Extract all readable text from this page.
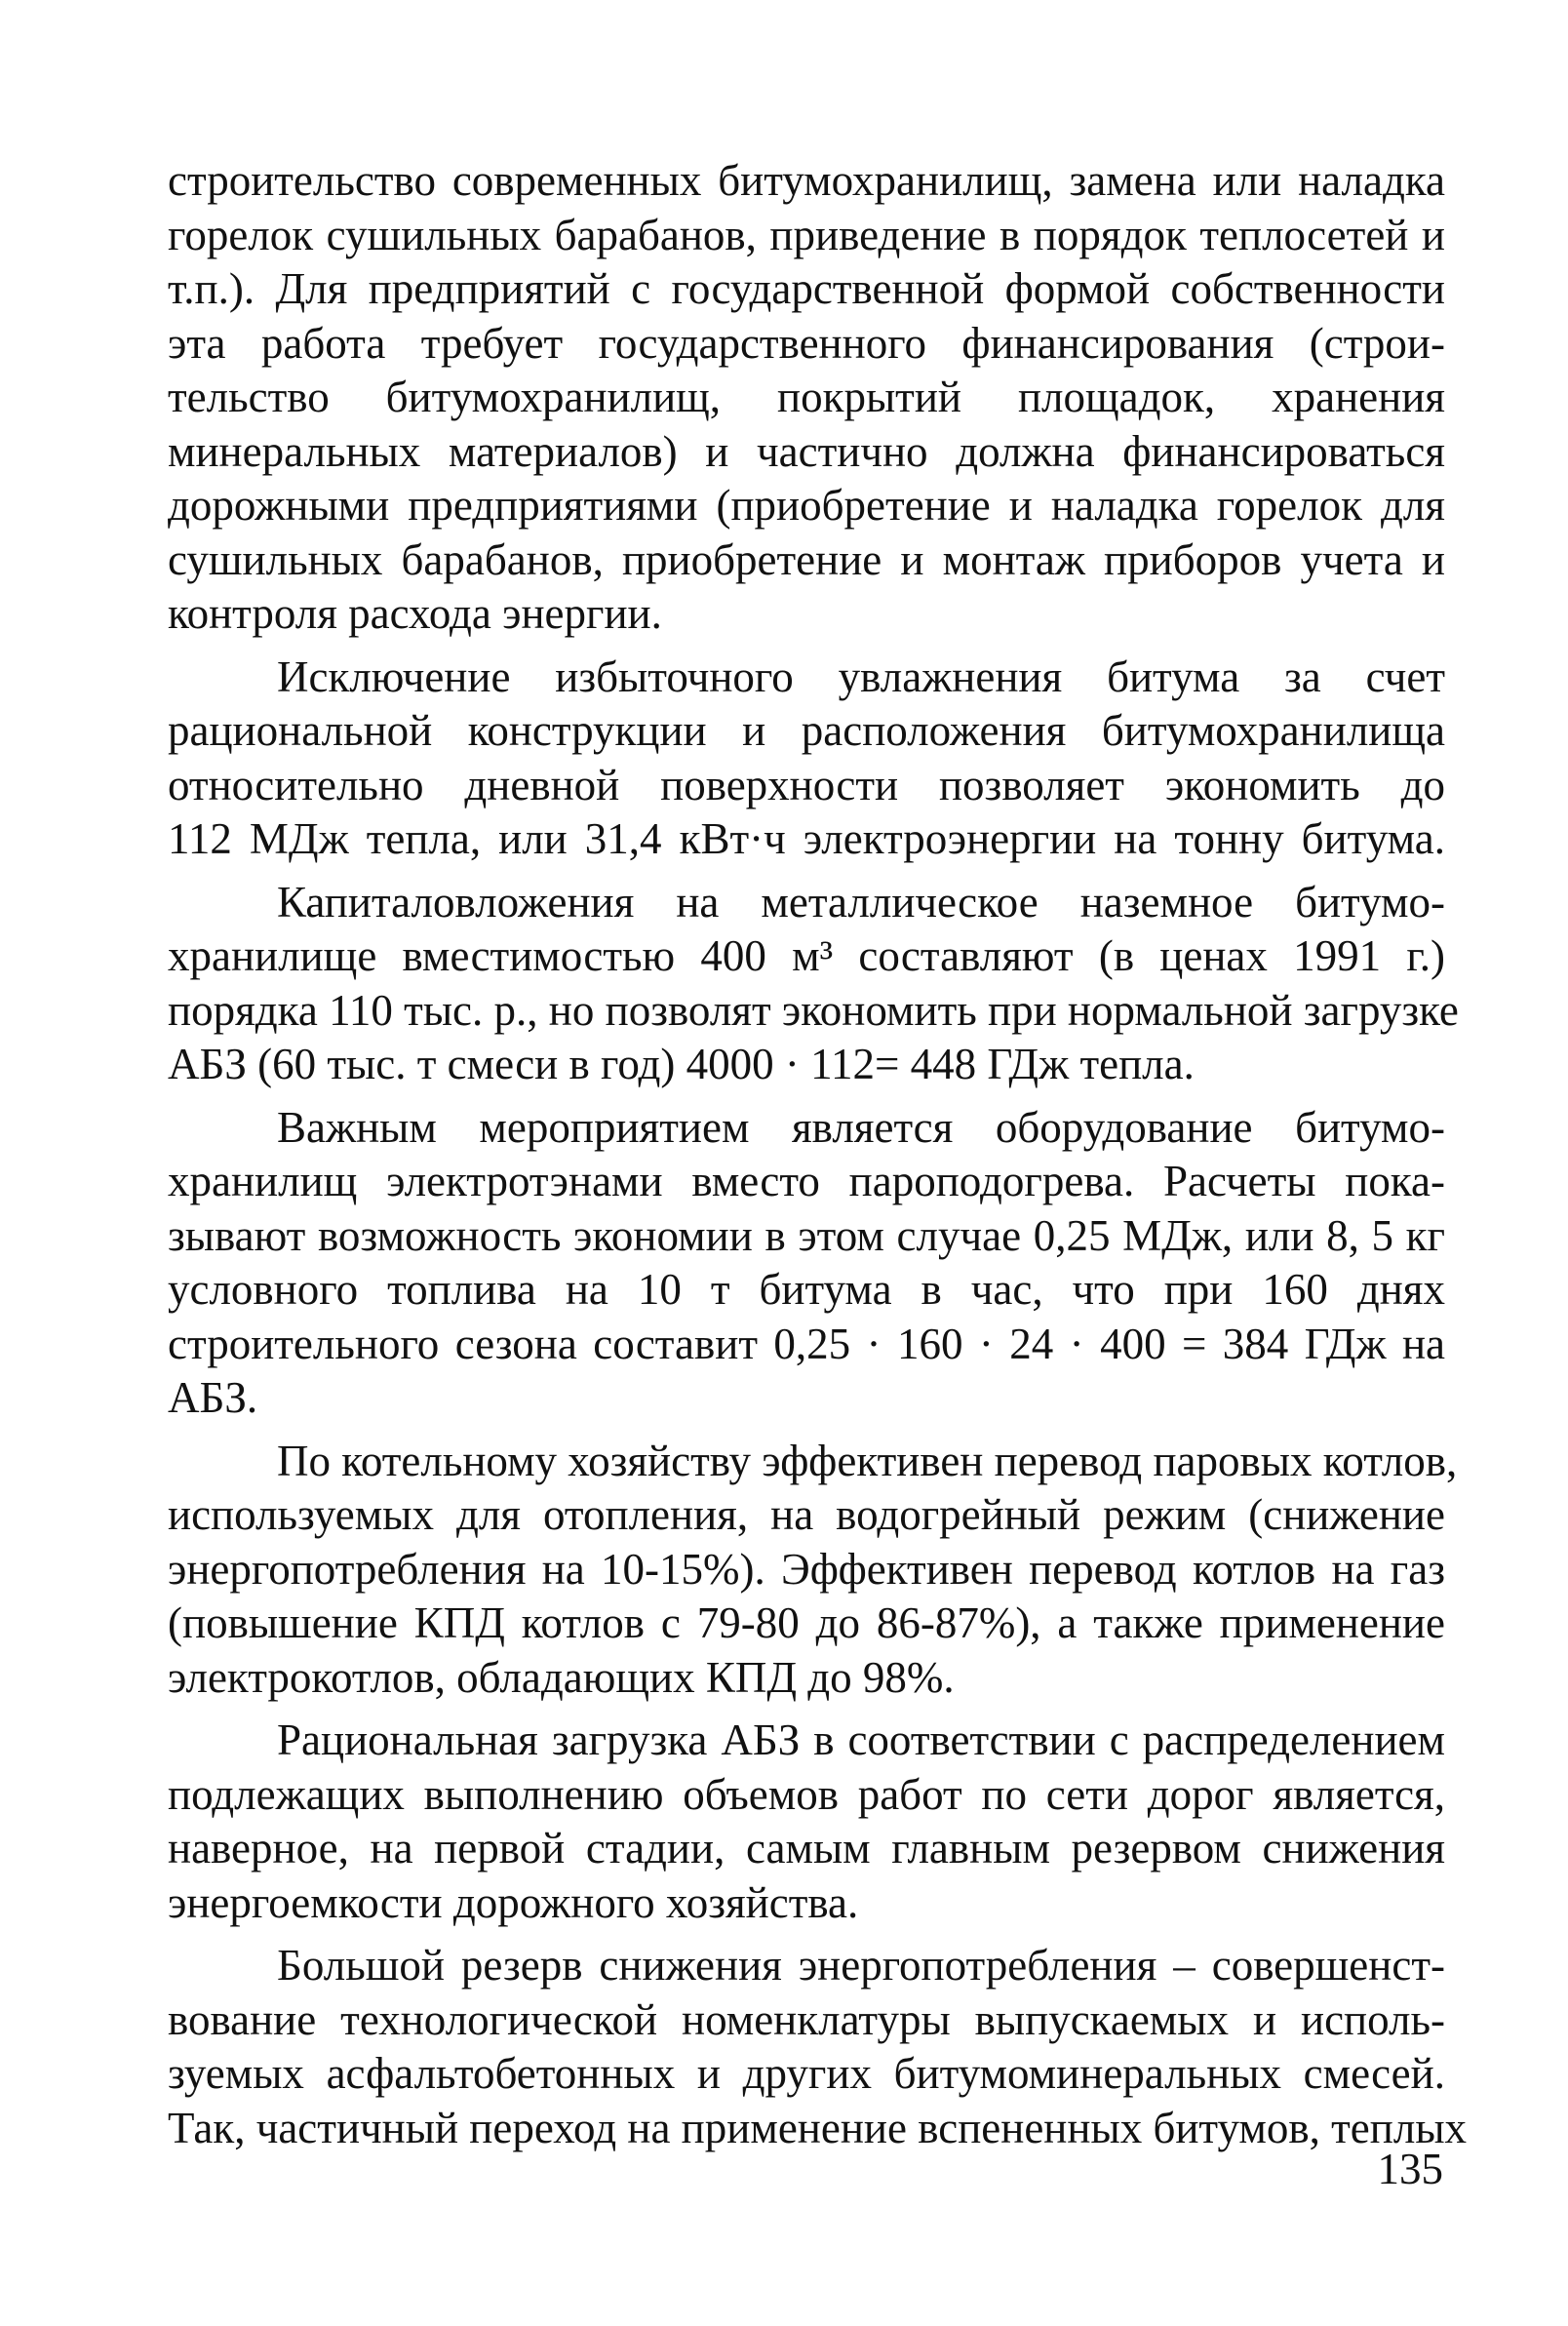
строительство современных битумохранилищ, замена или наладка
горелок сушильных барабанов, приведение в порядок теплосетей и
т.п.). Для предприятий с государственной формой собственности
эта работа требует государственного финансирования (строи-
тельство битумохранилищ, покрытий площадок, хранения
минеральных материалов) и частично должна финансироваться
дорожными предприятиями (приобретение и наладка горелок для
сушильных барабанов, приобретение и монтаж приборов учета и
контроля расхода энергии.
Исключение избыточного увлажнения битума за счет
рациональной конструкции и расположения битумохранилища
относительно дневной поверхности позволяет экономить до
112 МДж тепла, или 31,4 кВт·ч электроэнергии на тонну битума.
Капиталовложения на металлическое наземное битумо-
хранилище вместимостью 400 м³ составляют (в ценах 1991 г.)
порядка 110 тыс. р., но позволят экономить при нормальной загрузке
АБЗ (60 тыс. т смеси в год) 4000 · 112= 448 ГДж тепла.
Важным мероприятием является оборудование битумо-
хранилищ электротэнами вместо пароподогрева. Расчеты пока-
зывают возможность экономии в этом случае 0,25 МДж, или 8, 5 кг
условного топлива на 10 т битума в час, что при 160 днях
строительного сезона составит 0,25 · 160 · 24 · 400 = 384 ГДж на
АБЗ.
По котельному хозяйству эффективен перевод паровых котлов,
используемых для отопления, на водогрейный режим (снижение
энергопотребления на 10-15%). Эффективен перевод котлов на газ
(повышение КПД котлов с 79-80 до 86-87%), а также применение
электрокотлов, обладающих КПД до 98%.
Рациональная загрузка АБЗ в соответствии с распределением
подлежащих выполнению объемов работ по сети дорог является,
наверное, на первой стадии, самым главным резервом снижения
энергоемкости дорожного хозяйства.
Большой резерв снижения энергопотребления – совершенст-
вование технологической номенклатуры выпускаемых и исполь-
зуемых асфальтобетонных и других битумоминеральных смесей.
Так, частичный переход на применение вспененных битумов, теплых
135
